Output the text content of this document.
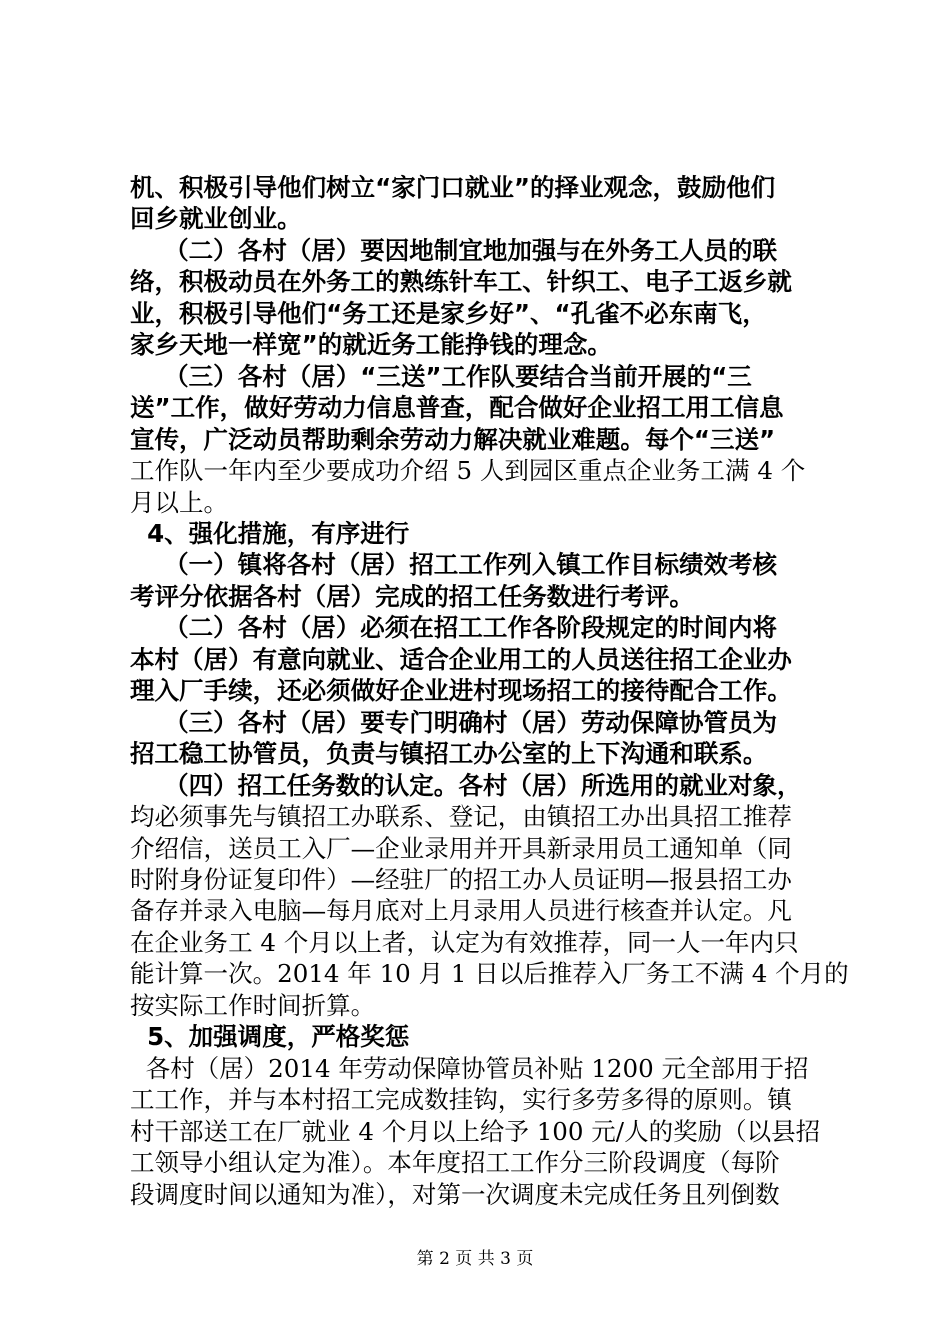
机、积极引导他们树立“家门口就业”的择业观念，鼓励他们

回乡就业创业。

（二）各村（居）要因地制宜地加强与在外务工人员的联

络，积极动员在外务工的熟练针车工、针织工、电子工返乡就

业，积极引导他们“务工还是家乡好”、“孔雀不必东南飞，

家乡天地一样宽”的就近务工能挣钱的理念。

（三）各村（居）“三送”工作队要结合当前开展的“三

送”工作，做好劳动力信息普查，配合做好企业招工用工信息

宣传，广泛动员帮助剩余劳动力解决就业难题。每个“三送”

工作队一年内至少要成功介绍 5 人到园区重点企业务工满 4 个

月以上。

4、强化措施，有序进行

（一）镇将各村（居）招工工作列入镇工作目标绩效考核

考评分依据各村（居）完成的招工任务数进行考评。

（二）各村（居）必须在招工工作各阶段规定的时间内将

本村（居）有意向就业、适合企业用工的人员送往招工企业办

理入厂手续，还必须做好企业进村现场招工的接待配合工作。

（三）各村（居）要专门明确村（居）劳动保障协管员为

招工稳工协管员，负责与镇招工办公室的上下沟通和联系。

（四）招工任务数的认定。各村（居）所选用的就业对象，

均必须事先与镇招工办联系、登记，由镇招工办出具招工推荐

介绍信，送员工入厂—企业录用并开具新录用员工通知单（同

时附身份证复印件）—经驻厂的招工办人员证明—报县招工办

备存并录入电脑—每月底对上月录用人员进行核查并认定。凡

在企业务工 4 个月以上者，认定为有效推荐，同一人一年内只

能计算一次。2014 年 10 月 1 日以后推荐入厂务工不满 4 个月的

按实际工作时间折算。

5、加强调度，严格奖惩

各村（居）2014 年劳动保障协管员补贴 1200 元全部用于招

工工作，并与本村招工完成数挂钩，实行多劳多得的原则。镇

村干部送工在厂就业 4 个月以上给予 100 元/人的奖励（以县招

工领导小组认定为准）。本年度招工工作分三阶段调度（每阶

段调度时间以通知为准），对第一次调度未完成任务且列倒数

第 2 页 共 3 页
